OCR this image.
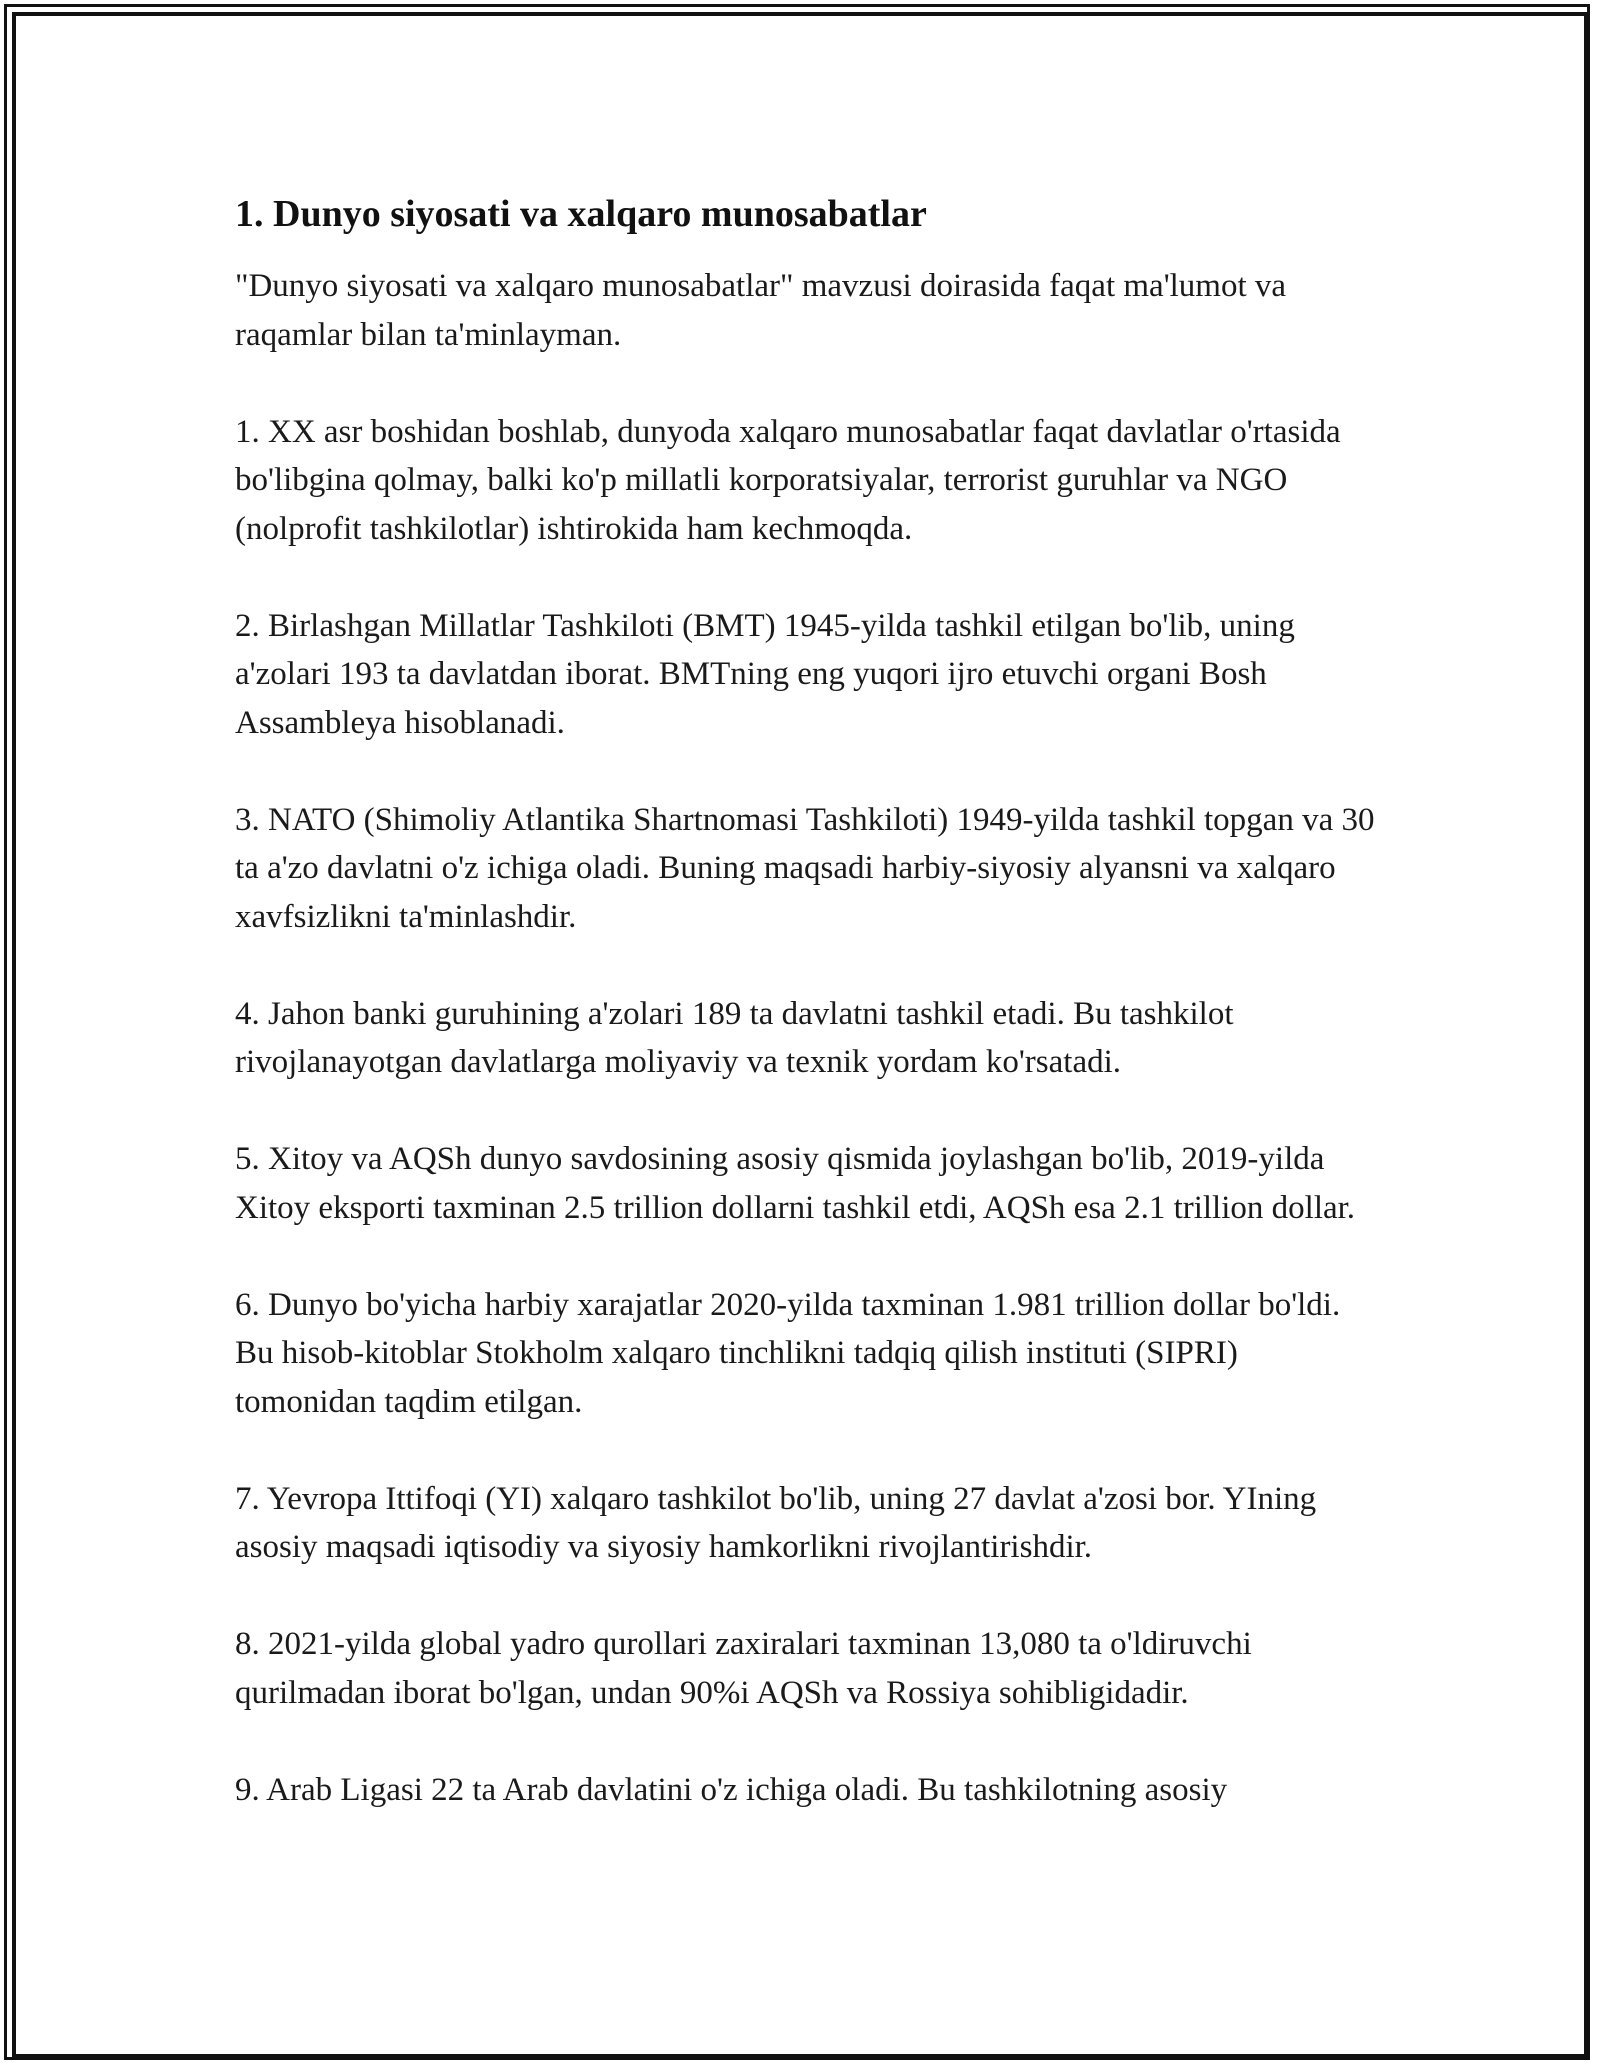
1. Dunyo siyosati va xalqaro munosabatlar

"Dunyo siyosati va xalqaro munosabatlar" mavzusi doirasida faqat ma'lumot va raqamlar bilan ta'minlayman.

1. XX asr boshidan boshlab, dunyoda xalqaro munosabatlar faqat davlatlar o'rtasida bo'libgina qolmay, balki ko'p millatli korporatsiyalar, terrorist guruhlar va NGO (nolprofit tashkilotlar) ishtirokida ham kechmoqda.

2. Birlashgan Millatlar Tashkiloti (BMT) 1945-yilda tashkil etilgan bo'lib, uning a'zolari 193 ta davlatdan iborat. BMTning eng yuqori ijro etuvchi organi Bosh Assambleya hisoblanadi.

3. NATO (Shimoliy Atlantika Shartnomasi Tashkiloti) 1949-yilda tashkil topgan va 30 ta a'zo davlatni o'z ichiga oladi. Buning maqsadi harbiy-siyosiy alyansni va xalqaro xavfsizlikni ta'minlashdir.

4. Jahon banki guruhining a'zolari 189 ta davlatni tashkil etadi. Bu tashkilot rivojlanayotgan davlatlarga moliyaviy va texnik yordam ko'rsatadi.

5. Xitoy va AQSh dunyo savdosining asosiy qismida joylashgan bo'lib, 2019-yilda Xitoy eksporti taxminan 2.5 trillion dollarni tashkil etdi, AQSh esa 2.1 trillion dollar.

6. Dunyo bo'yicha harbiy xarajatlar 2020-yilda taxminan 1.981 trillion dollar bo'ldi. Bu hisob-kitoblar Stokholm xalqaro tinchlikni tadqiq qilish instituti (SIPRI) tomonidan taqdim etilgan.

7. Yevropa Ittifoqi (YI) xalqaro tashkilot bo'lib, uning 27 davlat a'zosi bor. YIning asosiy maqsadi iqtisodiy va siyosiy hamkorlikni rivojlantirishdir.

8. 2021-yilda global yadro qurollari zaxiralari taxminan 13,080 ta o'ldiruvchi qurilmadan iborat bo'lgan, undan 90%i AQSh va Rossiya sohibligidadir.

9. Arab Ligasi 22 ta Arab davlatini o'z ichiga oladi. Bu tashkilotning asosiy
